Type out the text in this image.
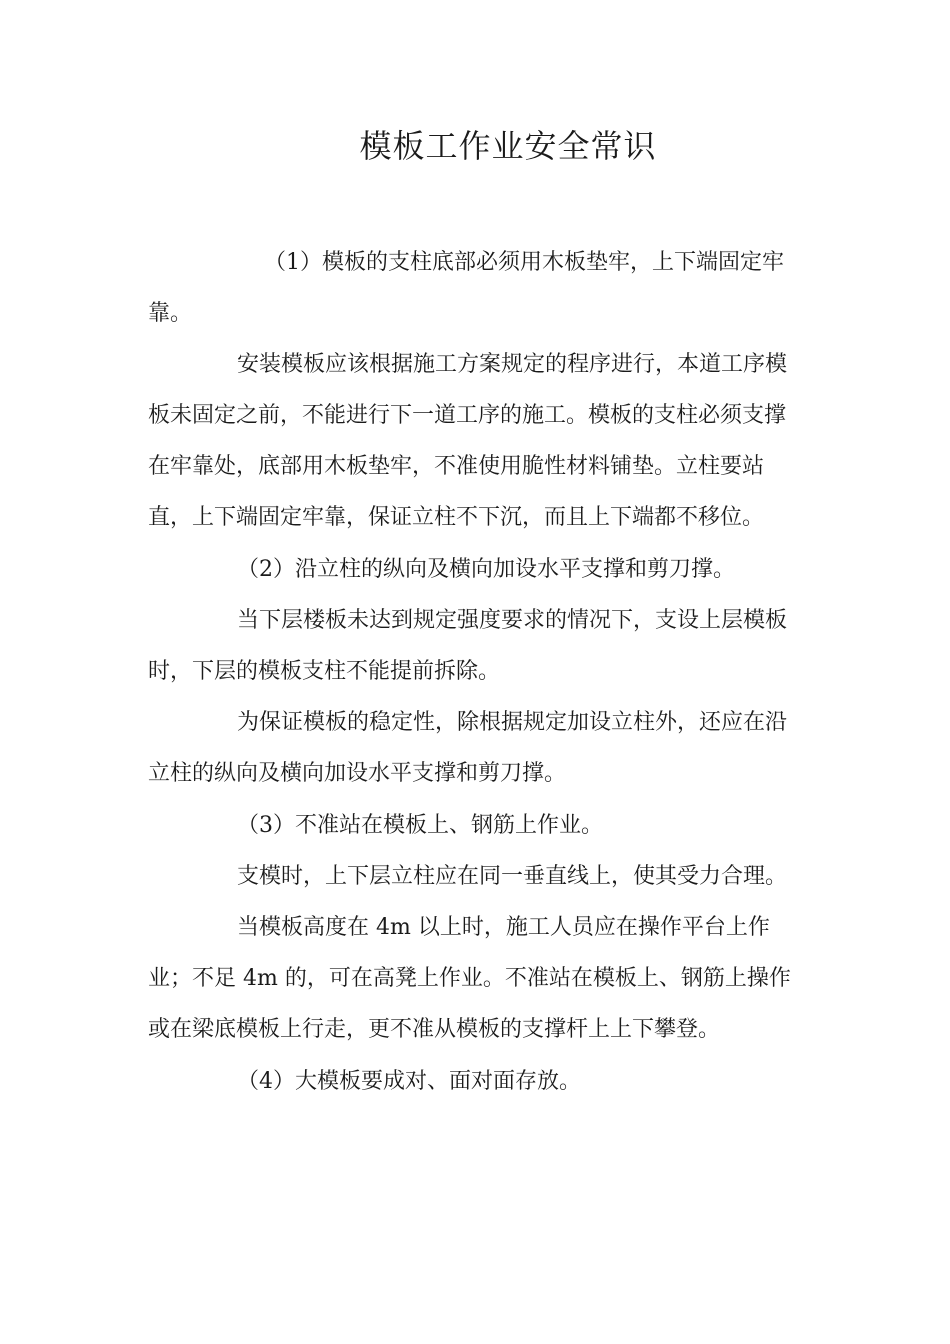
模板工作业安全常识

（1）模板的支柱底部必须用木板垫牢，上下端固定牢

靠。

安装模板应该根据施工方案规定的程序进行，本道工序模

板未固定之前，不能进行下一道工序的施工。模板的支柱必须支撑

在牢靠处，底部用木板垫牢，不准使用脆性材料铺垫。立柱要站

直，上下端固定牢靠，保证立柱不下沉，而且上下端都不移位。

（2）沿立柱的纵向及横向加设水平支撑和剪刀撑。

当下层楼板未达到规定强度要求的情况下，支设上层模板

时，下层的模板支柱不能提前拆除。

为保证模板的稳定性，除根据规定加设立柱外，还应在沿

立柱的纵向及横向加设水平支撑和剪刀撑。

（3）不准站在模板上、钢筋上作业。

支模时，上下层立柱应在同一垂直线上，使其受力合理。

当模板高度在 4m 以上时，施工人员应在操作平台上作

业；不足 4m 的，可在高凳上作业。不准站在模板上、钢筋上操作

或在梁底模板上行走，更不准从模板的支撑杆上上下攀登。

（4）大模板要成对、面对面存放。
